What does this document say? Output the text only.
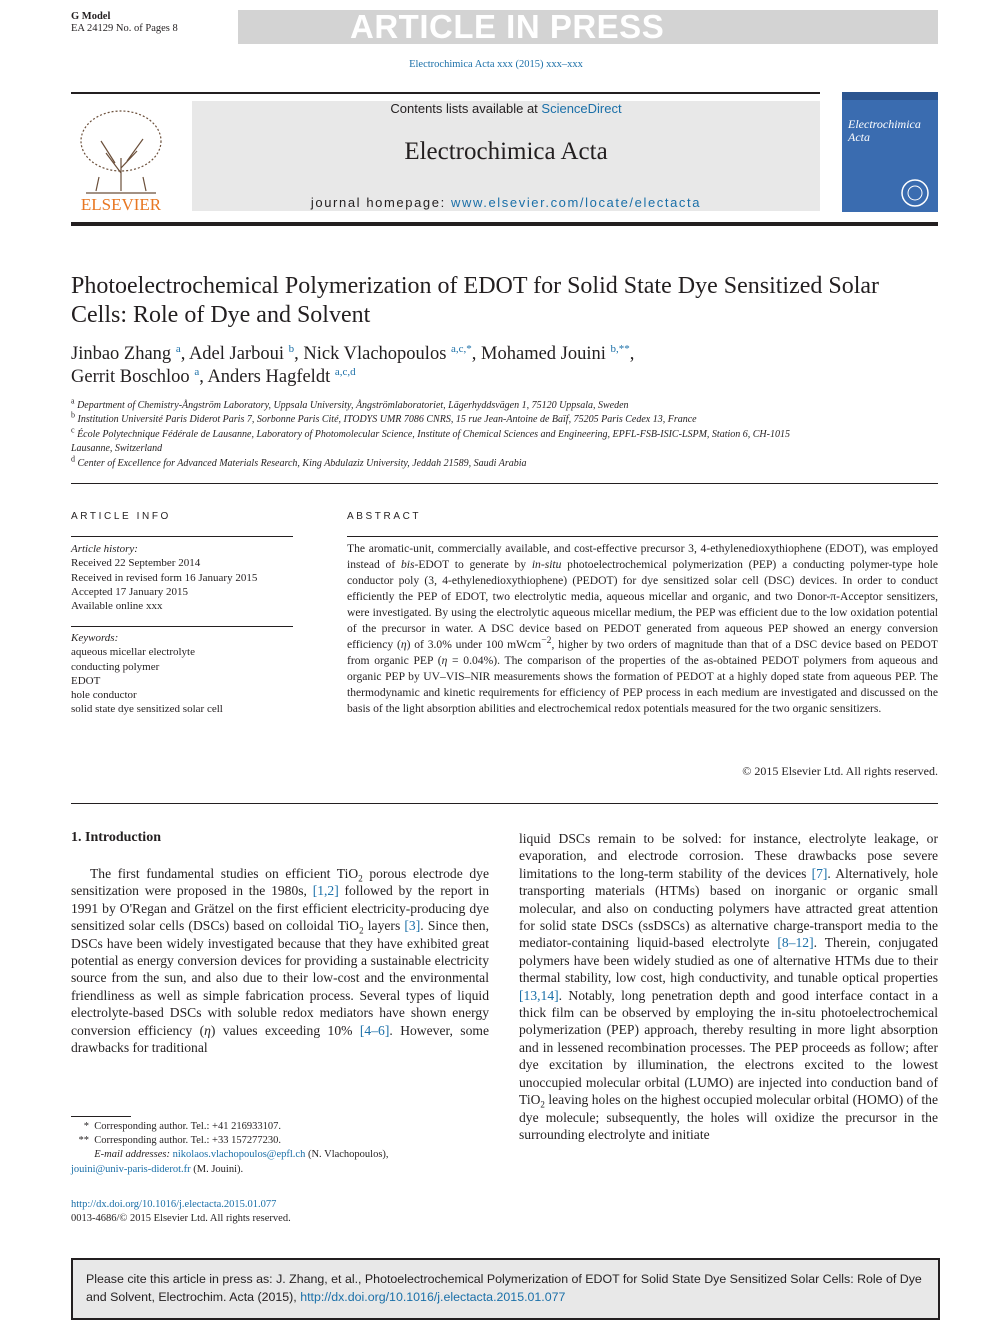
G Model
EA 24129 No. of Pages 8	ARTICLE IN PRESS
Electrochimica Acta xxx (2015) xxx–xxx
ELSEVIER
Contents lists available at ScienceDirect
Electrochimica Acta
journal homepage: www.elsevier.com/locate/electacta
Electrochimica Acta
Photoelectrochemical Polymerization of EDOT for Solid State Dye Sensitized Solar Cells: Role of Dye and Solvent
Jinbao Zhang $^a$, Adel Jarboui $^b$, Nick Vlachopoulos $^{a,c,*}$, Mohamed Jouini $^{b,**}$,
Gerrit Boschloo $^a$, Anders Hagfeldt $^{a,c,d}$
$^a$ Department of Chemistry-Ångström Laboratory, Uppsala University, Ångströmlaboratoriet, Lägerhyddsvägen 1, 75120 Uppsala, Sweden
$^b$ Institution Université Paris Diderot Paris 7, Sorbonne Paris Cité, ITODYS UMR 7086 CNRS, 15 rue Jean-Antoine de Baïf, 75205 Paris Cedex 13, France
$^c$ École Polytechnique Fédérale de Lausanne, Laboratory of Photomolecular Science, Institute of Chemical Sciences and Engineering, EPFL-FSB-ISIC-LSPM, Station 6, CH-1015 Lausanne, Switzerland
$^d$ Center of Excellence for Advanced Materials Research, King Abdulaziz University, Jeddah 21589, Saudi Arabia
ARTICLE INFO
Article history:
Received 22 September 2014
Received in revised form 16 January 2015
Accepted 17 January 2015
Available online xxx
Keywords:
aqueous micellar electrolyte
conducting polymer
EDOT
hole conductor
solid state dye sensitized solar cell
ABSTRACT
The aromatic-unit, commercially available, and cost-effective precursor 3, 4-ethylenedioxythiophene (EDOT), was employed instead of bis-EDOT to generate by in-situ photoelectrochemical polymerization (PEP) a conducting polymer-type hole conductor poly (3, 4-ethylenedioxythiophene) (PEDOT) for dye sensitized solar cell (DSC) devices. In order to conduct efficiently the PEP of EDOT, two electrolytic media, aqueous micellar and organic, and two Donor-π-Acceptor sensitizers, were investigated. By using the electrolytic aqueous micellar medium, the PEP was efficient due to the low oxidation potential of the precursor in water. A DSC device based on PEDOT generated from aqueous PEP showed an energy conversion efficiency (η) of 3.0% under 100 mWcm$^{-2}$, higher by two orders of magnitude than that of a DSC device based on PEDOT from organic PEP (η = 0.04%). The comparison of the properties of the as-obtained PEDOT polymers from aqueous and organic PEP by UV–VIS–NIR measurements shows the formation of PEDOT at a highly doped state from aqueous PEP. The thermodynamic and kinetic requirements for efficiency of PEP process in each medium are investigated and discussed on the basis of the light absorption abilities and electrochemical redox potentials measured for the two organic sensitizers.
© 2015 Elsevier Ltd. All rights reserved.
1. Introduction

The first fundamental studies on efficient TiO$_2$ porous electrode dye sensitization were proposed in the 1980s, [1,2] followed by the report in 1991 by O'Regan and Grätzel on the first efficient electricity-producing dye sensitized solar cells (DSCs) based on colloidal TiO$_2$ layers [3]. Since then, DSCs have been widely investigated because that they have exhibited great potential as energy conversion devices for providing a sustainable electricity source from the sun, and also due to their low-cost and the environmental friendliness as well as simple fabrication process. Several types of liquid electrolyte-based DSCs with soluble redox mediators have shown energy conversion efficiency (η) values exceeding 10% [4–6]. However, some drawbacks for traditional

liquid DSCs remain to be solved: for instance, electrolyte leakage, or evaporation, and electrode corrosion. These drawbacks pose severe limitations to the long-term stability of the devices [7]. Alternatively, hole transporting materials (HTMs) based on inorganic or organic small molecular, and also on conducting polymers have attracted great attention for solid state DSCs (ssDSCs) as alternative charge-transport media to the mediator-containing liquid-based electrolyte [8–12]. Therein, conjugated polymers have been widely studied as one of alternative HTMs due to their thermal stability, low cost, high conductivity, and tunable optical properties [13,14]. Notably, long penetration depth and good interface contact in a thick film can be observed by employing the in-situ photoelectrochemical polymerization (PEP) approach, thereby resulting in more light absorption and in lessened recombination processes. The PEP proceeds as follow; after dye excitation by illumination, the electrons excited to the lowest unoccupied molecular orbital (LUMO) are injected into conduction band of TiO$_2$ leaving holes on the highest occupied molecular orbital (HOMO) of the dye molecule; subsequently, the holes will oxidize the precursor in the surrounding electrolyte and initiate

* Corresponding author. Tel.: +41 216933107.
** Corresponding author. Tel.: +33 157277230.
E-mail addresses: nikolaos.vlachopoulos@epfl.ch (N. Vlachopoulos),
jouini@univ-paris-diderot.fr (M. Jouini).
http://dx.doi.org/10.1016/j.electacta.2015.01.077
0013-4686/© 2015 Elsevier Ltd. All rights reserved.
Please cite this article in press as: J. Zhang, et al., Photoelectrochemical Polymerization of EDOT for Solid State Dye Sensitized Solar Cells: Role of Dye and Solvent, Electrochim. Acta (2015), http://dx.doi.org/10.1016/j.electacta.2015.01.077
